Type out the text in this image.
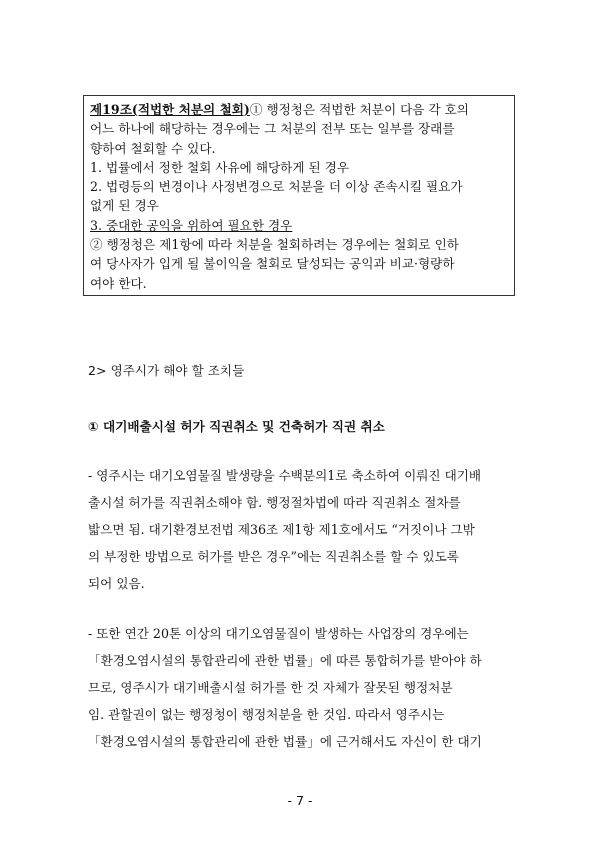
제19조(적법한 처분의 철회)① 행정청은 적법한 처분이 다음 각 호의
어느 하나에 해당하는 경우에는 그 처분의 전부 또는 일부를 장래를
향하여 철회할 수 있다.
1. 법률에서 정한 철회 사유에 해당하게 된 경우
2. 법령등의 변경이나 사정변경으로 처분을 더 이상 존속시킬 필요가
없게 된 경우
3. 중대한 공익을 위하여 필요한 경우
② 행정청은 제1항에 따라 처분을 철회하려는 경우에는 철회로 인하
여 당사자가 입게 될 불이익을 철회로 달성되는 공익과 비교·형량하
여야 한다.
2> 영주시가 해야 할 조치들
① 대기배출시설 허가 직권취소 및 건축허가 직권 취소
- 영주시는 대기오염물질 발생량을 수백분의1로 축소하여 이뤄진 대기배
출시설 허가를 직권취소해야 함. 행정절차법에 따라 직권취소 절차를
밟으면 됨. 대기환경보전법 제36조 제1항 제1호에서도 “거짓이나 그밖
의 부정한 방법으로 허가를 받은 경우”에는 직권취소를 할 수 있도록
되어 있음.
- 또한 연간 20톤 이상의 대기오염물질이 발생하는 사업장의 경우에는
「환경오염시설의 통합관리에 관한 법률」에 따른 통합허가를 받아야 하
므로, 영주시가 대기배출시설 허가를 한 것 자체가 잘못된 행정처분
임. 관할권이 없는 행정청이 행정처분을 한 것임. 따라서 영주시는
「환경오염시설의 통합관리에 관한 법률」에 근거해서도 자신이 한 대기
- 7 -
